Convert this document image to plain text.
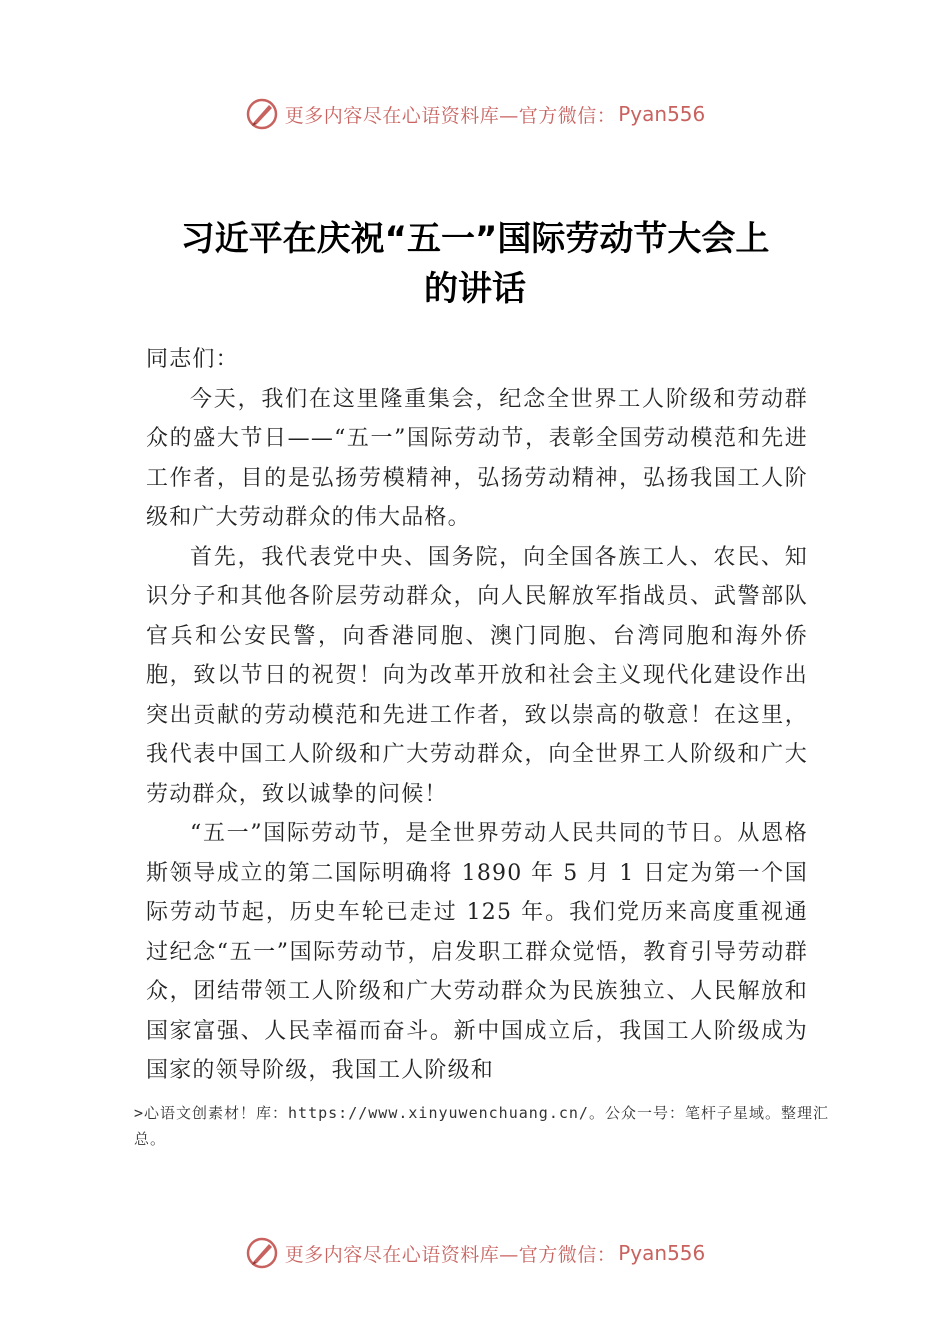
更多内容尽在心语资料库—官方微信： Pyan556
习近平在庆祝“五一”国际劳动节大会上
的讲话

同志们：

今天，我们在这里隆重集会，纪念全世界工人阶级和劳动群众的盛大节日——“五一”国际劳动节，表彰全国劳动模范和先进工作者，目的是弘扬劳模精神，弘扬劳动精神，弘扬我国工人阶级和广大劳动群众的伟大品格。

首先，我代表党中央、国务院，向全国各族工人、农民、知识分子和其他各阶层劳动群众，向人民解放军指战员、武警部队官兵和公安民警，向香港同胞、澳门同胞、台湾同胞和海外侨胞，致以节日的祝贺！向为改革开放和社会主义现代化建设作出突出贡献的劳动模范和先进工作者，致以崇高的敬意！在这里，我代表中国工人阶级和广大劳动群众，向全世界工人阶级和广大劳动群众，致以诚挚的问候！

“五一”国际劳动节，是全世界劳动人民共同的节日。从恩格斯领导成立的第二国际明确将 1890 年 5 月 1 日定为第一个国际劳动节起，历史车轮已走过 125 年。我们党历来高度重视通过纪念“五一”国际劳动节，启发职工群众觉悟，教育引导劳动群众，团结带领工人阶级和广大劳动群众为民族独立、人民解放和国家富强、人民幸福而奋斗。新中国成立后，我国工人阶级成为国家的领导阶级，我国工人阶级和

>心语文创素材！库：https://www.xinyuwenchuang.cn/。公众一号：笔杆子星域。整理汇总。
更多内容尽在心语资料库—官方微信： Pyan556
